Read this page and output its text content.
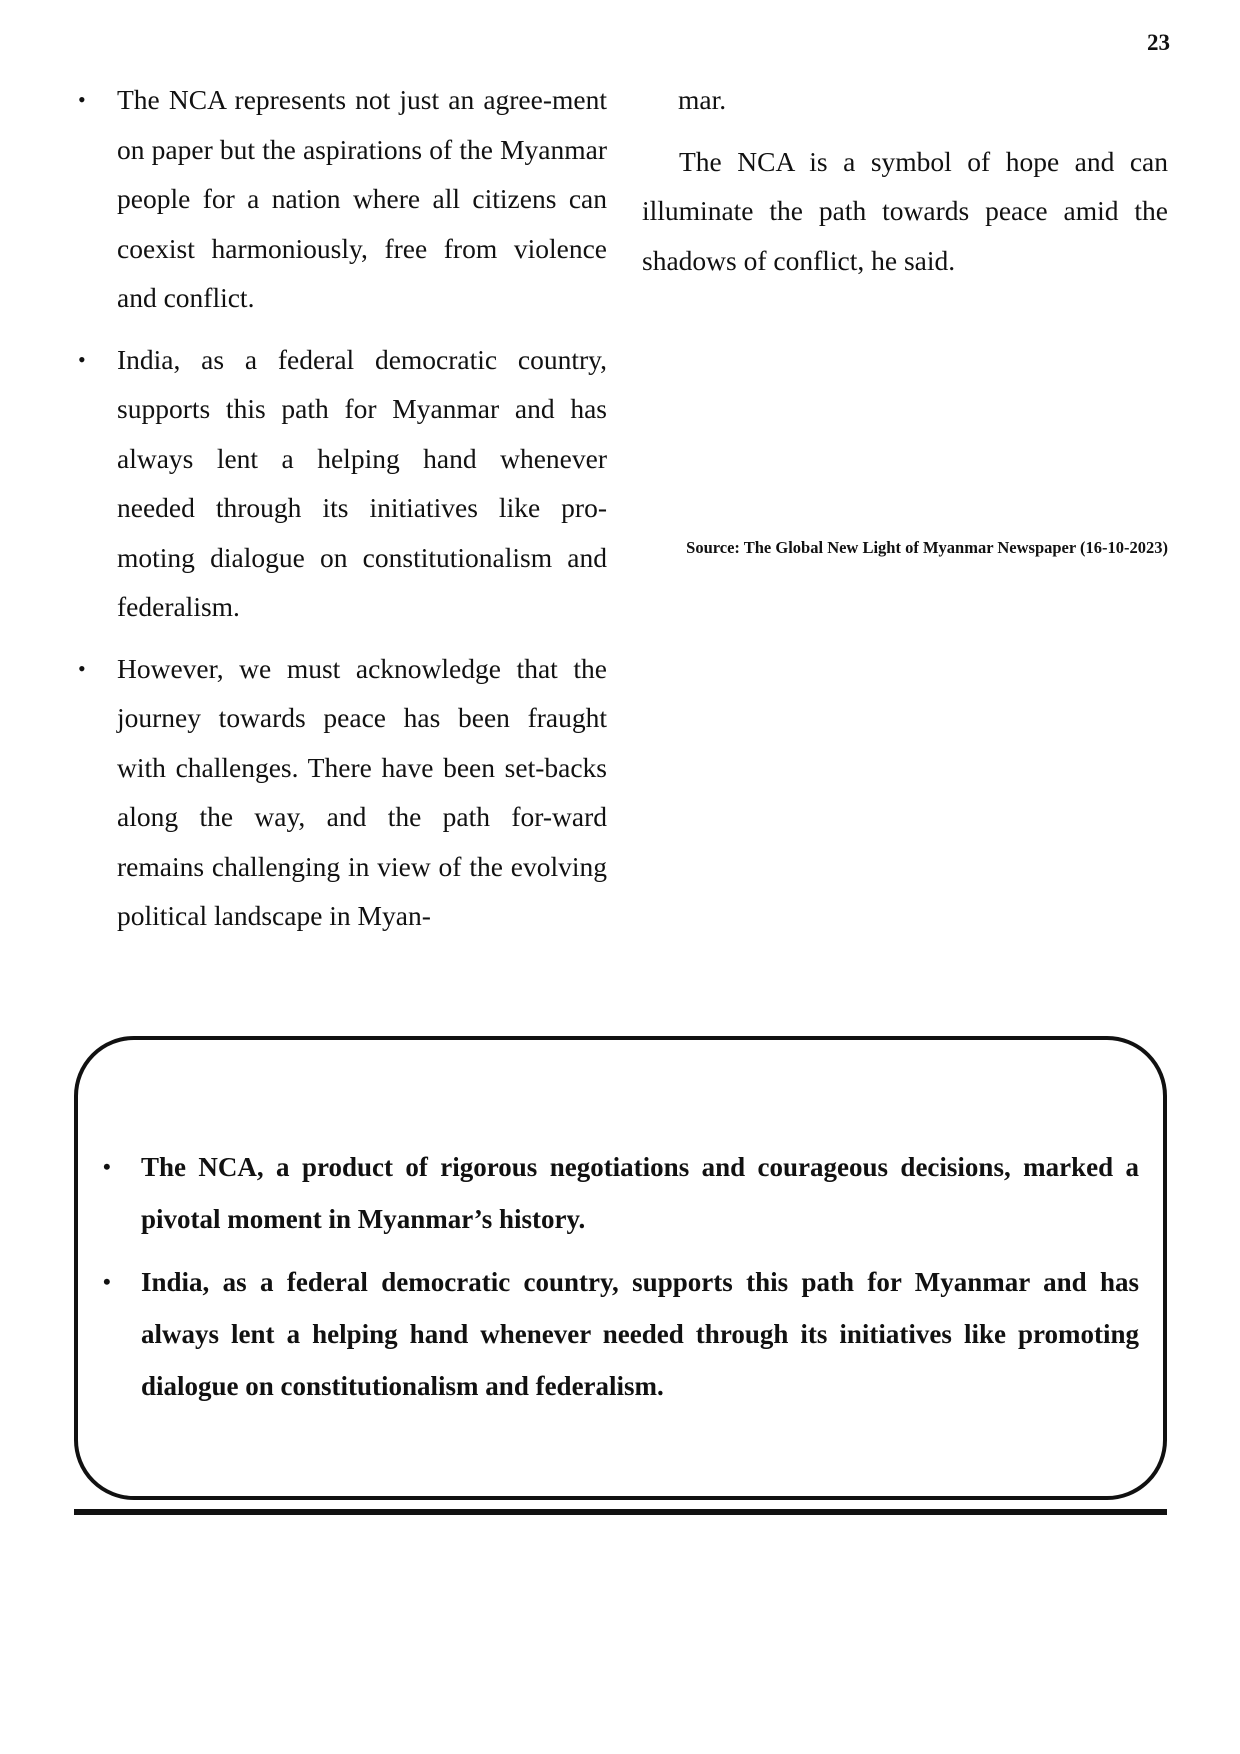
23
• The NCA represents not just an agree-ment on paper but the aspirations of the Myanmar people for a nation where all citizens can coexist harmoniously, free from violence and conflict.
• India, as a federal democratic country, supports this path for Myanmar and has always lent a helping hand whenever needed through its initiatives like pro-moting dialogue on constitutionalism and federalism.
• However, we must acknowledge that the journey towards peace has been fraught with challenges. There have been set-backs along the way, and the path for-ward remains challenging in view of the evolving political landscape in Myan-

mar.

The NCA is a symbol of hope and can illuminate the path towards peace amid the shadows of conflict, he said.

Source: The Global New Light of Myanmar Newspaper (16-10-2023)
• The NCA, a product of rigorous negotiations and courageous decisions, marked a pivotal moment in Myanmar’s history.
• India, as a federal democratic country, supports this path for Myanmar and has always lent a helping hand whenever needed through its initiatives like promoting dialogue on constitutionalism and federalism.
